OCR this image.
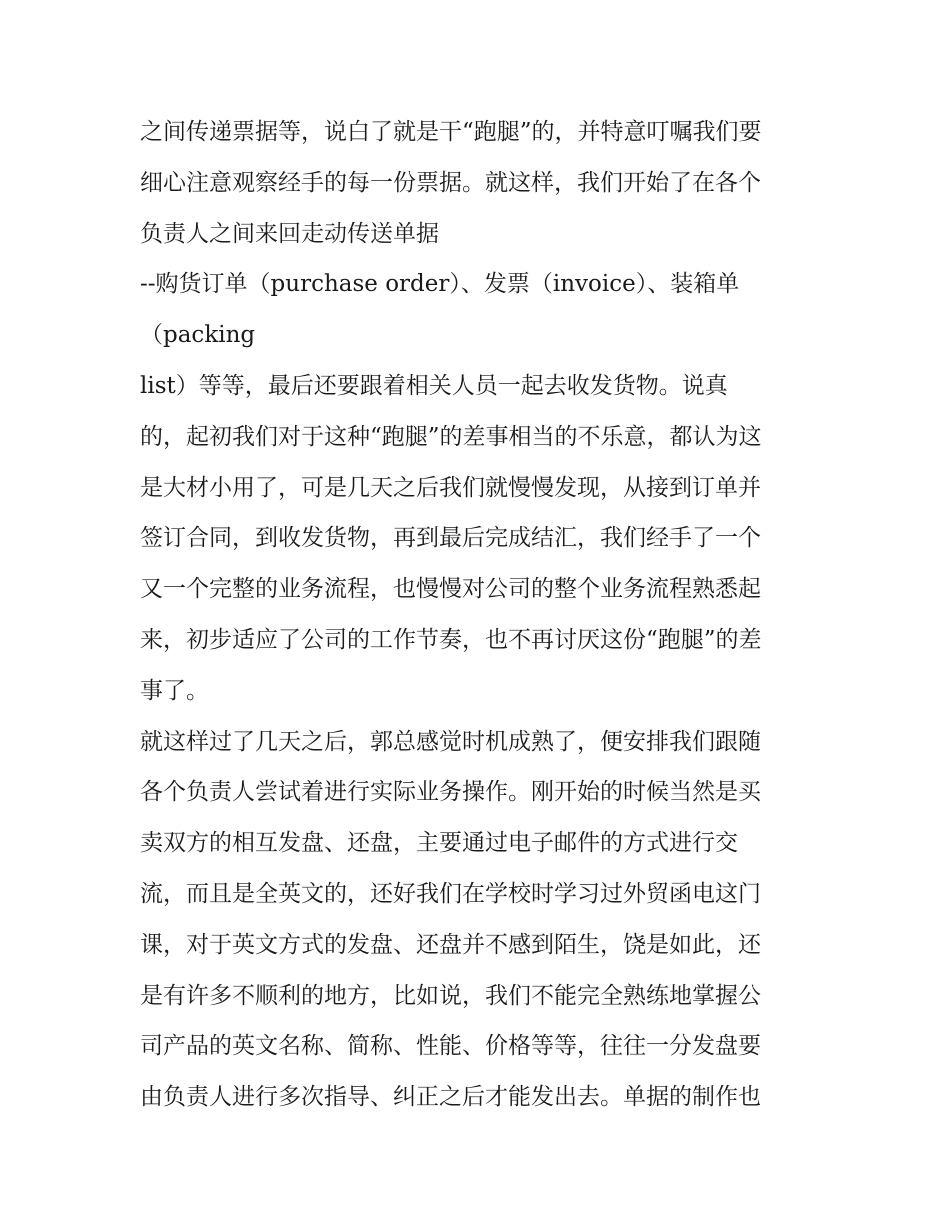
之间传递票据等，说白了就是干“跑腿”的，并特意叮嘱我们要
细心注意观察经手的每一份票据。就这样，我们开始了在各个
负责人之间来回走动传送单据
--购货订单（purchase order）、发票（invoice）、装箱单
（packing
list）等等，最后还要跟着相关人员一起去收发货物。说真
的，起初我们对于这种“跑腿”的差事相当的不乐意，都认为这
是大材小用了，可是几天之后我们就慢慢发现，从接到订单并
签订合同，到收发货物，再到最后完成结汇，我们经手了一个
又一个完整的业务流程，也慢慢对公司的整个业务流程熟悉起
来，初步适应了公司的工作节奏，也不再讨厌这份“跑腿”的差
事了。
就这样过了几天之后，郭总感觉时机成熟了，便安排我们跟随
各个负责人尝试着进行实际业务操作。刚开始的时候当然是买
卖双方的相互发盘、还盘，主要通过电子邮件的方式进行交
流，而且是全英文的，还好我们在学校时学习过外贸函电这门
课，对于英文方式的发盘、还盘并不感到陌生，饶是如此，还
是有许多不顺利的地方，比如说，我们不能完全熟练地掌握公
司产品的英文名称、简称、性能、价格等等，往往一分发盘要
由负责人进行多次指导、纠正之后才能发出去。单据的制作也
